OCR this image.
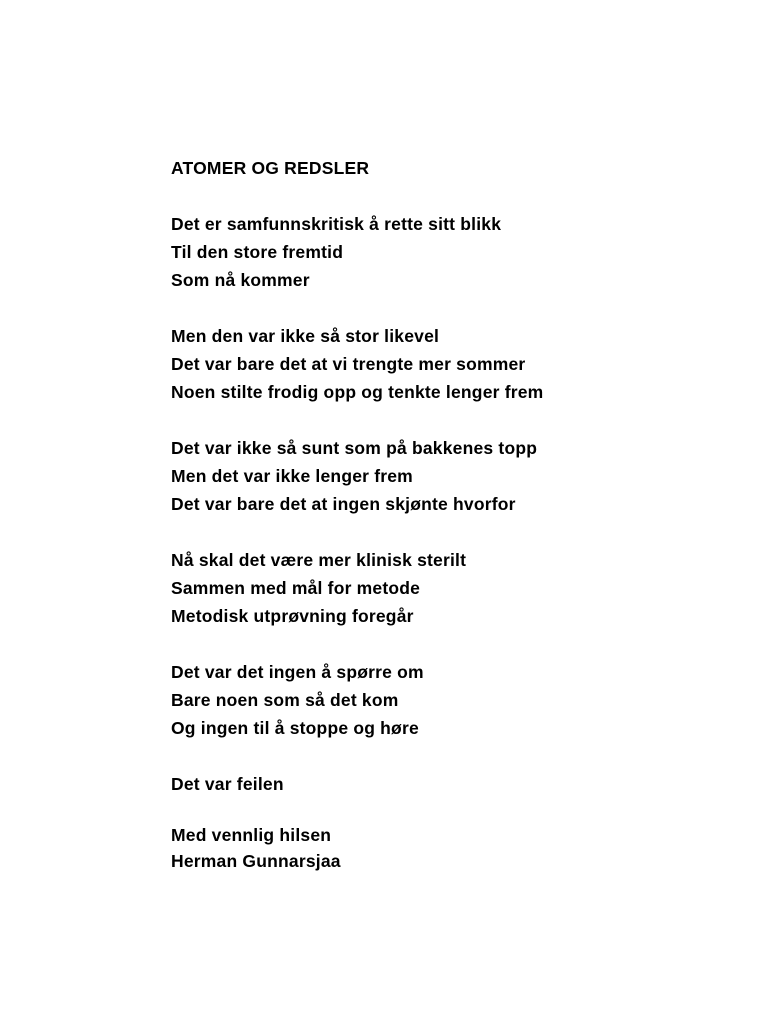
ATOMER OG REDSLER
Det er samfunnskritisk å rette sitt blikk
Til den store fremtid
Som nå kommer
Men den var ikke så stor likevel
Det var bare det at vi trengte mer sommer
Noen stilte frodig opp og tenkte lenger frem
Det var ikke så sunt som på bakkenes topp
Men det var ikke lenger frem
Det var bare det at ingen skjønte hvorfor
Nå skal det være mer klinisk sterilt
Sammen med mål for metode
Metodisk utprøvning foregår
Det var det ingen å spørre om
Bare noen som så det kom
Og ingen til å stoppe og høre
Det var feilen
Med vennlig hilsen
Herman Gunnarsjaa
